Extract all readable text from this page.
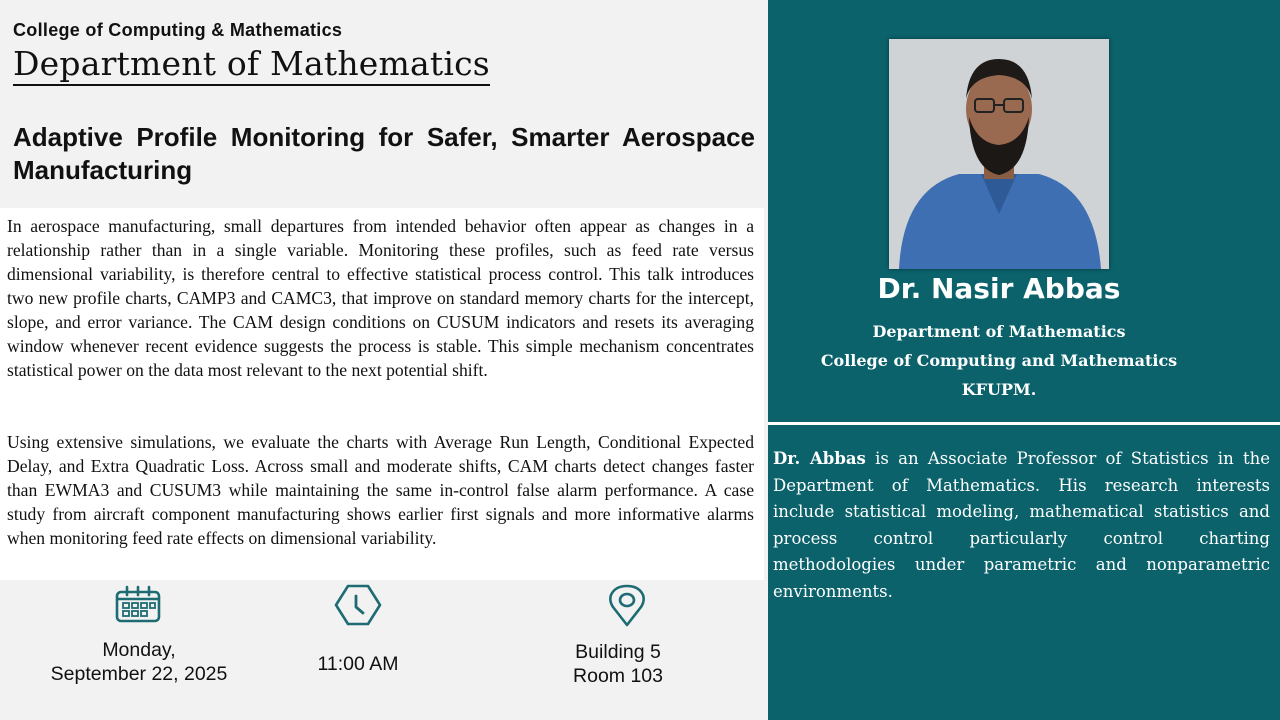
College of Computing & Mathematics
Department of Mathematics
Adaptive Profile Monitoring for Safer, Smarter Aerospace Manufacturing

In aerospace manufacturing, small departures from intended behavior often appear as changes in a relationship rather than in a single variable. Monitoring these profiles, such as feed rate versus dimensional variability, is therefore central to effective statistical process control. This talk introduces two new profile charts, CAMP3 and CAMC3, that improve on standard memory charts for the intercept, slope, and error variance. The CAM design conditions on CUSUM indicators and resets its averaging window whenever recent evidence suggests the process is stable. This simple mechanism concentrates statistical power on the data most relevant to the next potential shift.

Using extensive simulations, we evaluate the charts with Average Run Length, Conditional Expected Delay, and Extra Quadratic Loss. Across small and moderate shifts, CAM charts detect changes faster than EWMA3 and CUSUM3 while maintaining the same in-control false alarm performance. A case study from aircraft component manufacturing shows earlier first signals and more informative alarms when monitoring feed rate effects on dimensional variability.

Monday,
September 22, 2025	11:00 AM
Building 5
Room 103
Dr. Nasir Abbas
Department of Mathematics
College of Computing and Mathematics
KFUPM.
Dr. Abbas is an Associate Professor of Statistics in the Department of Mathematics. His research interests include statistical modeling, mathematical statistics and process control particularly control charting methodologies under parametric and nonparametric environments.
